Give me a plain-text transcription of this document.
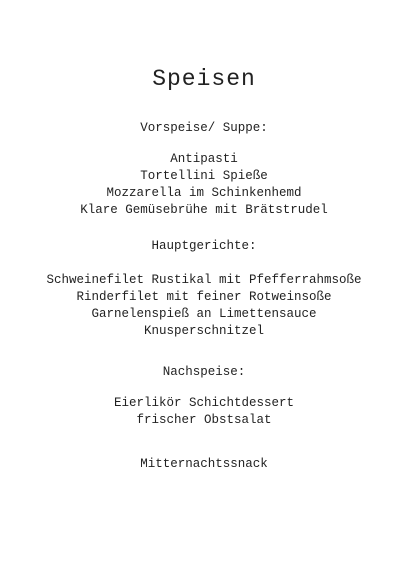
Speisen
Vorspeise/ Suppe:
Antipasti
Tortellini Spieße
Mozzarella im Schinkenhemd
Klare Gemüsebrühe mit Brätstrudel
Hauptgerichte:
Schweinefilet Rustikal mit Pfefferrahmsoße
Rinderfilet mit feiner Rotweinsoße
Garnelenspieß an Limettensauce
Knusperschnitzel
Nachspeise:
Eierlikör Schichtdessert
frischer Obstsalat
Mitternachtssnack
